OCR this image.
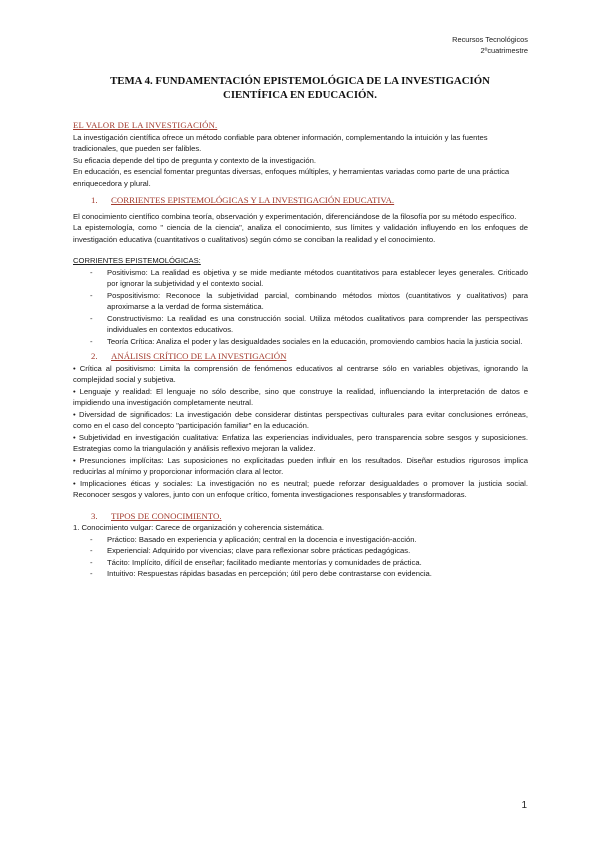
Recursos Tecnológicos
2ºcuatrimestre
TEMA 4. FUNDAMENTACIÓN EPISTEMOLÓGICA DE LA INVESTIGACIÓN CIENTÍFICA EN EDUCACIÓN.
EL VALOR DE LA INVESTIGACIÓN.

La investigación científica ofrece un método confiable para obtener información, complementando la intuición y las fuentes tradicionales, que pueden ser falibles.

Su eficacia depende del tipo de pregunta y contexto de la investigación.

En educación, es esencial fomentar preguntas diversas, enfoques múltiples, y herramientas variadas como parte de una práctica enriquecedora y plural.

1. CORRIENTES EPISTEMOLÓGICAS Y LA INVESTIGACIÓN EDUCATIVA.

El conocimiento científico combina teoría, observación y experimentación, diferenciándose de la filosofía por su método específico.

La epistemología, como " ciencia de la ciencia", analiza el conocimiento, sus límites y validación influyendo en los enfoques de investigación educativa (cuantitativos o cualitativos) según cómo se conciban la realidad y el conocimiento.

CORRIENTES EPISTEMOLÓGICAS:
- Positivismo: La realidad es objetiva y se mide mediante métodos cuantitativos para establecer leyes generales. Criticado por ignorar la subjetividad y el contexto social.
- Pospositivismo: Reconoce la subjetividad parcial, combinando métodos mixtos (cuantitativos y cualitativos) para aproximarse a la verdad de forma sistemática.
- Constructivismo: La realidad es una construcción social. Utiliza métodos cualitativos para comprender las perspectivas individuales en contextos educativos.
- Teoría Crítica: Analiza el poder y las desigualdades sociales en la educación, promoviendo cambios hacia la justicia social.
2. ANÁLISIS CRÍTICO DE LA INVESTIGACIÓN

• Crítica al positivismo: Limita la comprensión de fenómenos educativos al centrarse sólo en variables objetivas, ignorando la complejidad social y subjetiva.

• Lenguaje y realidad: El lenguaje no sólo describe, sino que construye la realidad, influenciando la interpretación de datos e impidiendo una investigación completamente neutral.

• Diversidad de significados: La investigación debe considerar distintas perspectivas culturales para evitar conclusiones erróneas, como en el caso del concepto "participación familiar" en la educación.

• Subjetividad en investigación cualitativa: Enfatiza las experiencias individuales, pero transparencia sobre sesgos y suposiciones. Estrategias como la triangulación y análisis reflexivo mejoran la validez.

• Presunciones implícitas: Las suposiciones no explicitadas pueden influir en los resultados. Diseñar estudios rigurosos implica reducirlas al mínimo y proporcionar información clara al lector.

• Implicaciones éticas y sociales: La investigación no es neutral; puede reforzar desigualdades o promover la justicia social. Reconocer sesgos y valores, junto con un enfoque crítico, fomenta investigaciones responsables y transformadoras.

3. TIPOS DE CONOCIMIENTO.

1. Conocimiento vulgar: Carece de organización y coherencia sistemática.

- Práctico: Basado en experiencia y aplicación; central en la docencia e investigación-acción.
- Experiencial: Adquirido por vivencias; clave para reflexionar sobre prácticas pedagógicas.
- Tácito: Implícito, difícil de enseñar; facilitado mediante mentorías y comunidades de práctica.
- Intuitivo: Respuestas rápidas basadas en percepción; útil pero debe contrastarse con evidencia.
1
